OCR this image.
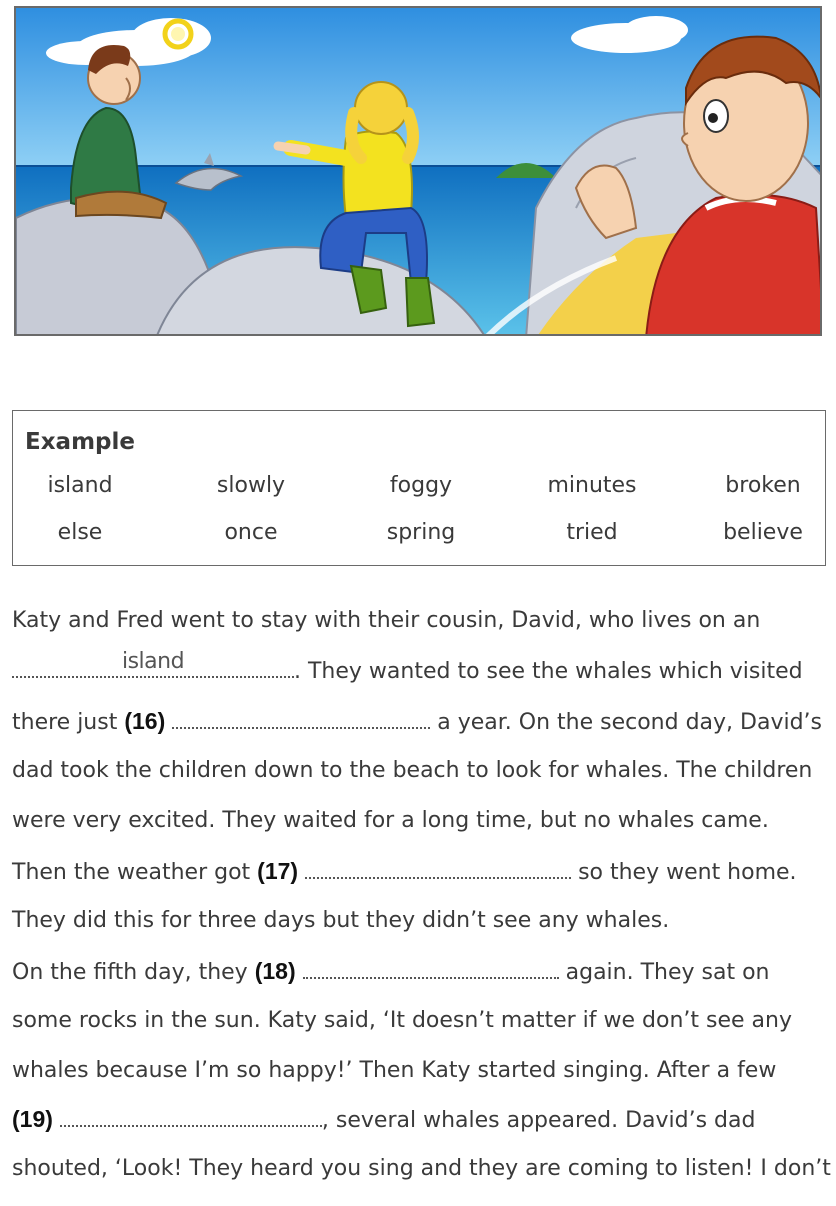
Example
island	slowly	foggy	minutes	broken
else	once	spring	tried	believe
Katy and Fred went to stay with their cousin, David, who lives on an
island	. They wanted to see the whales which visited
there just (16)	a year. On the second day, David’s
dad took the children down to the beach to look for whales. The children
were very excited. They waited for a long time, but no whales came.
Then the weather got (17)	so they went home.
They did this for three days but they didn’t see any whales.
On the fifth day, they (18)	again. They sat on
some rocks in the sun. Katy said, ‘It doesn’t matter if we don’t see any
whales because I’m so happy!’ Then Katy started singing. After a few
(19)	, several whales appeared. David’s dad
shouted, ‘Look! They heard you sing and they are coming to listen! I don’t
